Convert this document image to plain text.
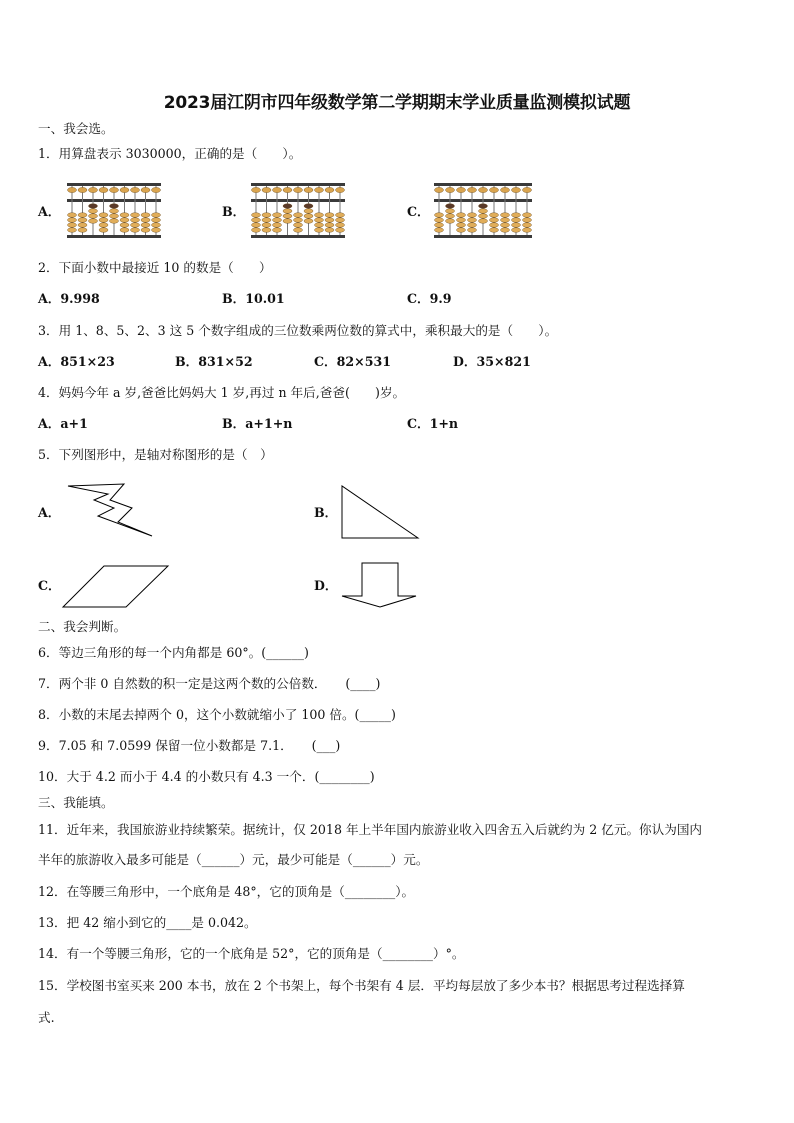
2023届江阴市四年级数学第二学期期末学业质量监测模拟试题
一、我会选。
1．用算盘表示 3030000，正确的是（　　）。
A．	B．	C．
2．下面小数中最接近 10 的数是（　　）
A．9.998	B．10.01	C．9.9
3．用 1、8、5、2、3 这 5 个数字组成的三位数乘两位数的算式中，乘积最大的是（　　）。
A．851×23	B．831×52	C．82×531	D．35×821
4．妈妈今年 a 岁,爸爸比妈妈大 1 岁,再过 n 年后,爸爸(　　)岁。
A．a+1	B．a+1+n	C．1+n
5．下列图形中，是轴对称图形的是（　）
A．	B．
C．	D．
二、我会判断。
6．等边三角形的每一个内角都是 60°。(______)
7．两个非 0 自然数的积一定是这两个数的公倍数．　　(____)
8．小数的末尾去掉两个 0，这个小数就缩小了 100 倍。(_____)
9．7.05 和 7.0599 保留一位小数都是 7.1．　　(___)
10．大于 4.2 而小于 4.4 的小数只有 4.3 一个．(________)
三、我能填。
11．近年来，我国旅游业持续繁荣。据统计，仅 2018 年上半年国内旅游业收入四舍五入后就约为 2 亿元。你认为国内
半年的旅游收入最多可能是（______）元，最少可能是（______）元。
12．在等腰三角形中，一个底角是 48°，它的顶角是（________）。
13．把 42 缩小到它的____是 0.042。
14．有一个等腰三角形，它的一个底角是 52°，它的顶角是（________）°。
15．学校图书室买来 200 本书，放在 2 个书架上，每个书架有 4 层．平均每层放了多少本书？根据思考过程选择算
式.
